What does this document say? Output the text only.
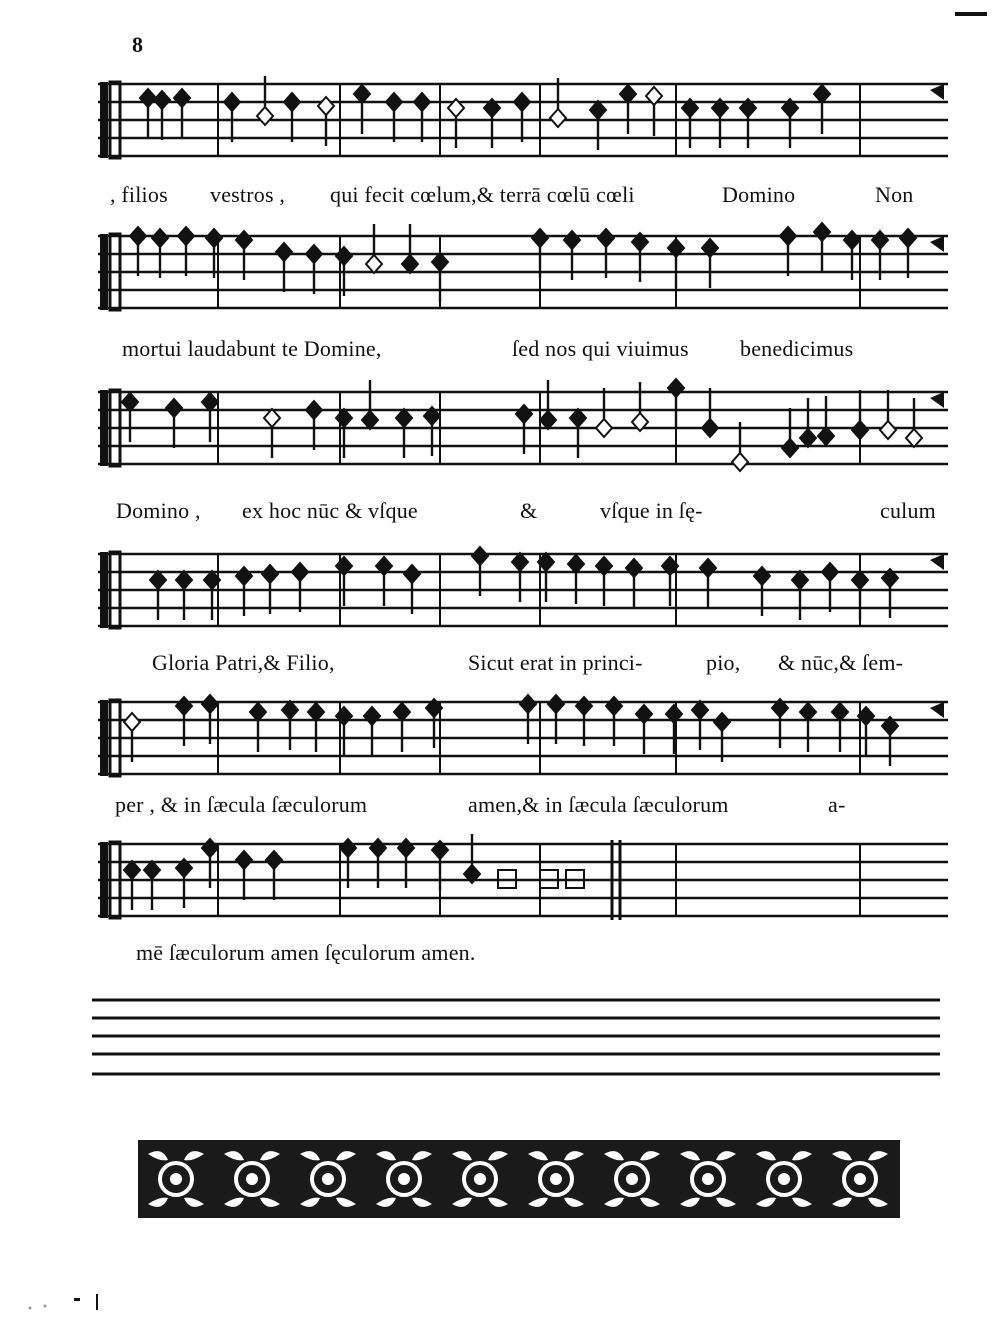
8
, filios vestros , qui fecit cœlum,& terrā cœlū cœli	Domino	Non
mortui laudabunt te Domine,	ſed nos qui viuimus benedicimus
Domino , ex hoc nūc & vſque	&	vſque in ſę-	culum
Gloria Patri,& Filio,	Sicut erat in princi-	pio, & nūc,& ſem-
per , & in ſæcula ſæculorum	amen,& in ſæcula ſæculorum	a-
mē ſæculorum amen ſęculorum amen.
